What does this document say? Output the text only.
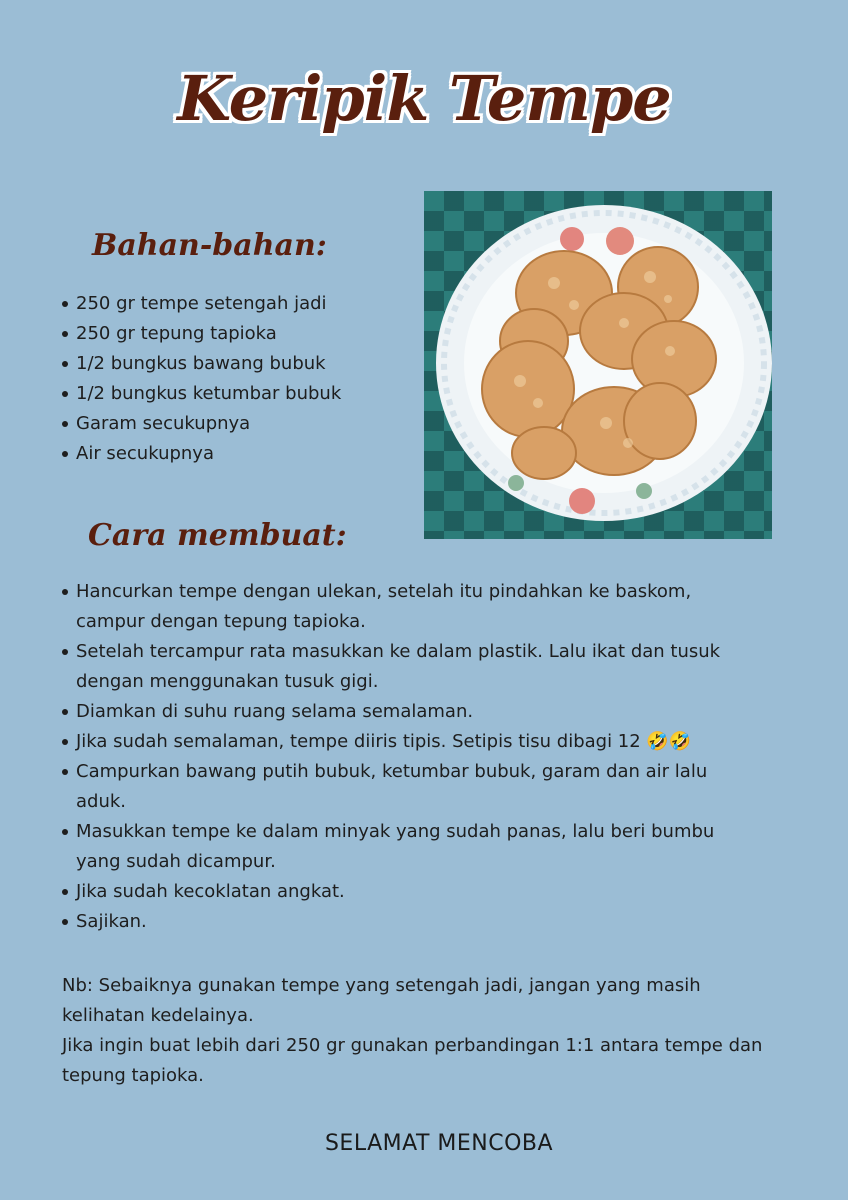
Keripik Tempe
Bahan-bahan:
250 gr tempe setengah jadi
250 gr tepung tapioka
1/2 bungkus bawang bubuk
1/2 bungkus ketumbar bubuk
Garam secukupnya
Air secukupnya
Cara membuat:
Hancurkan tempe dengan ulekan, setelah itu pindahkan ke baskom, campur dengan tepung tapioka.
Setelah tercampur rata masukkan ke dalam plastik. Lalu ikat dan tusuk dengan menggunakan tusuk gigi.
Diamkan di suhu ruang selama semalaman.
Jika sudah semalaman, tempe diiris tipis. Setipis tisu dibagi 12 🤣🤣
Campurkan bawang putih bubuk, ketumbar bubuk, garam dan air lalu aduk.
Masukkan tempe ke dalam minyak yang sudah panas, lalu beri bumbu yang sudah dicampur.
Jika sudah kecoklatan angkat.
Sajikan.
Nb: Sebaiknya gunakan tempe yang setengah jadi, jangan yang masih kelihatan kedelainya.
Jika ingin buat lebih dari 250 gr gunakan perbandingan 1:1 antara tempe dan tepung tapioka.
SELAMAT MENCOBA
